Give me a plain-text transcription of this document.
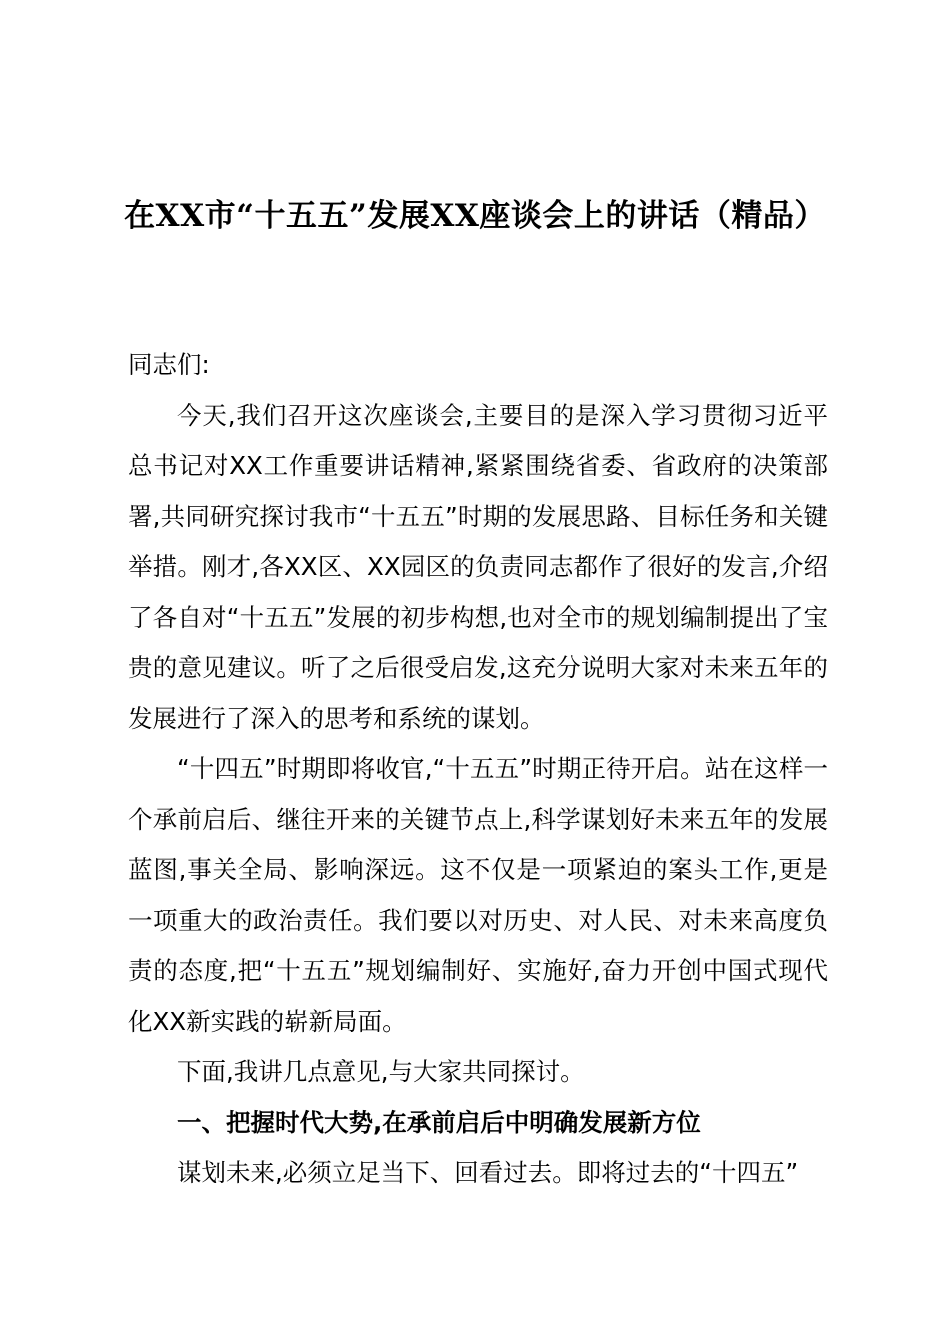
在XX市“十五五”发展XX座谈会上的讲话（精品）

同志们:

今天,我们召开这次座谈会,主要目的是深入学习贯彻习近平总书记对XX工作重要讲话精神,紧紧围绕省委、省政府的决策部署,共同研究探讨我市“十五五”时期的发展思路、目标任务和关键举措。刚才,各XX区、XX园区的负责同志都作了很好的发言,介绍了各自对“十五五”发展的初步构想,也对全市的规划编制提出了宝贵的意见建议。听了之后很受启发,这充分说明大家对未来五年的发展进行了深入的思考和系统的谋划。

“十四五”时期即将收官,“十五五”时期正待开启。站在这样一个承前启后、继往开来的关键节点上,科学谋划好未来五年的发展蓝图,事关全局、影响深远。这不仅是一项紧迫的案头工作,更是一项重大的政治责任。我们要以对历史、对人民、对未来高度负责的态度,把“十五五”规划编制好、实施好,奋力开创中国式现代化XX新实践的崭新局面。

下面,我讲几点意见,与大家共同探讨。

一、把握时代大势,在承前启后中明确发展新方位

谋划未来,必须立足当下、回看过去。即将过去的“十四五”
